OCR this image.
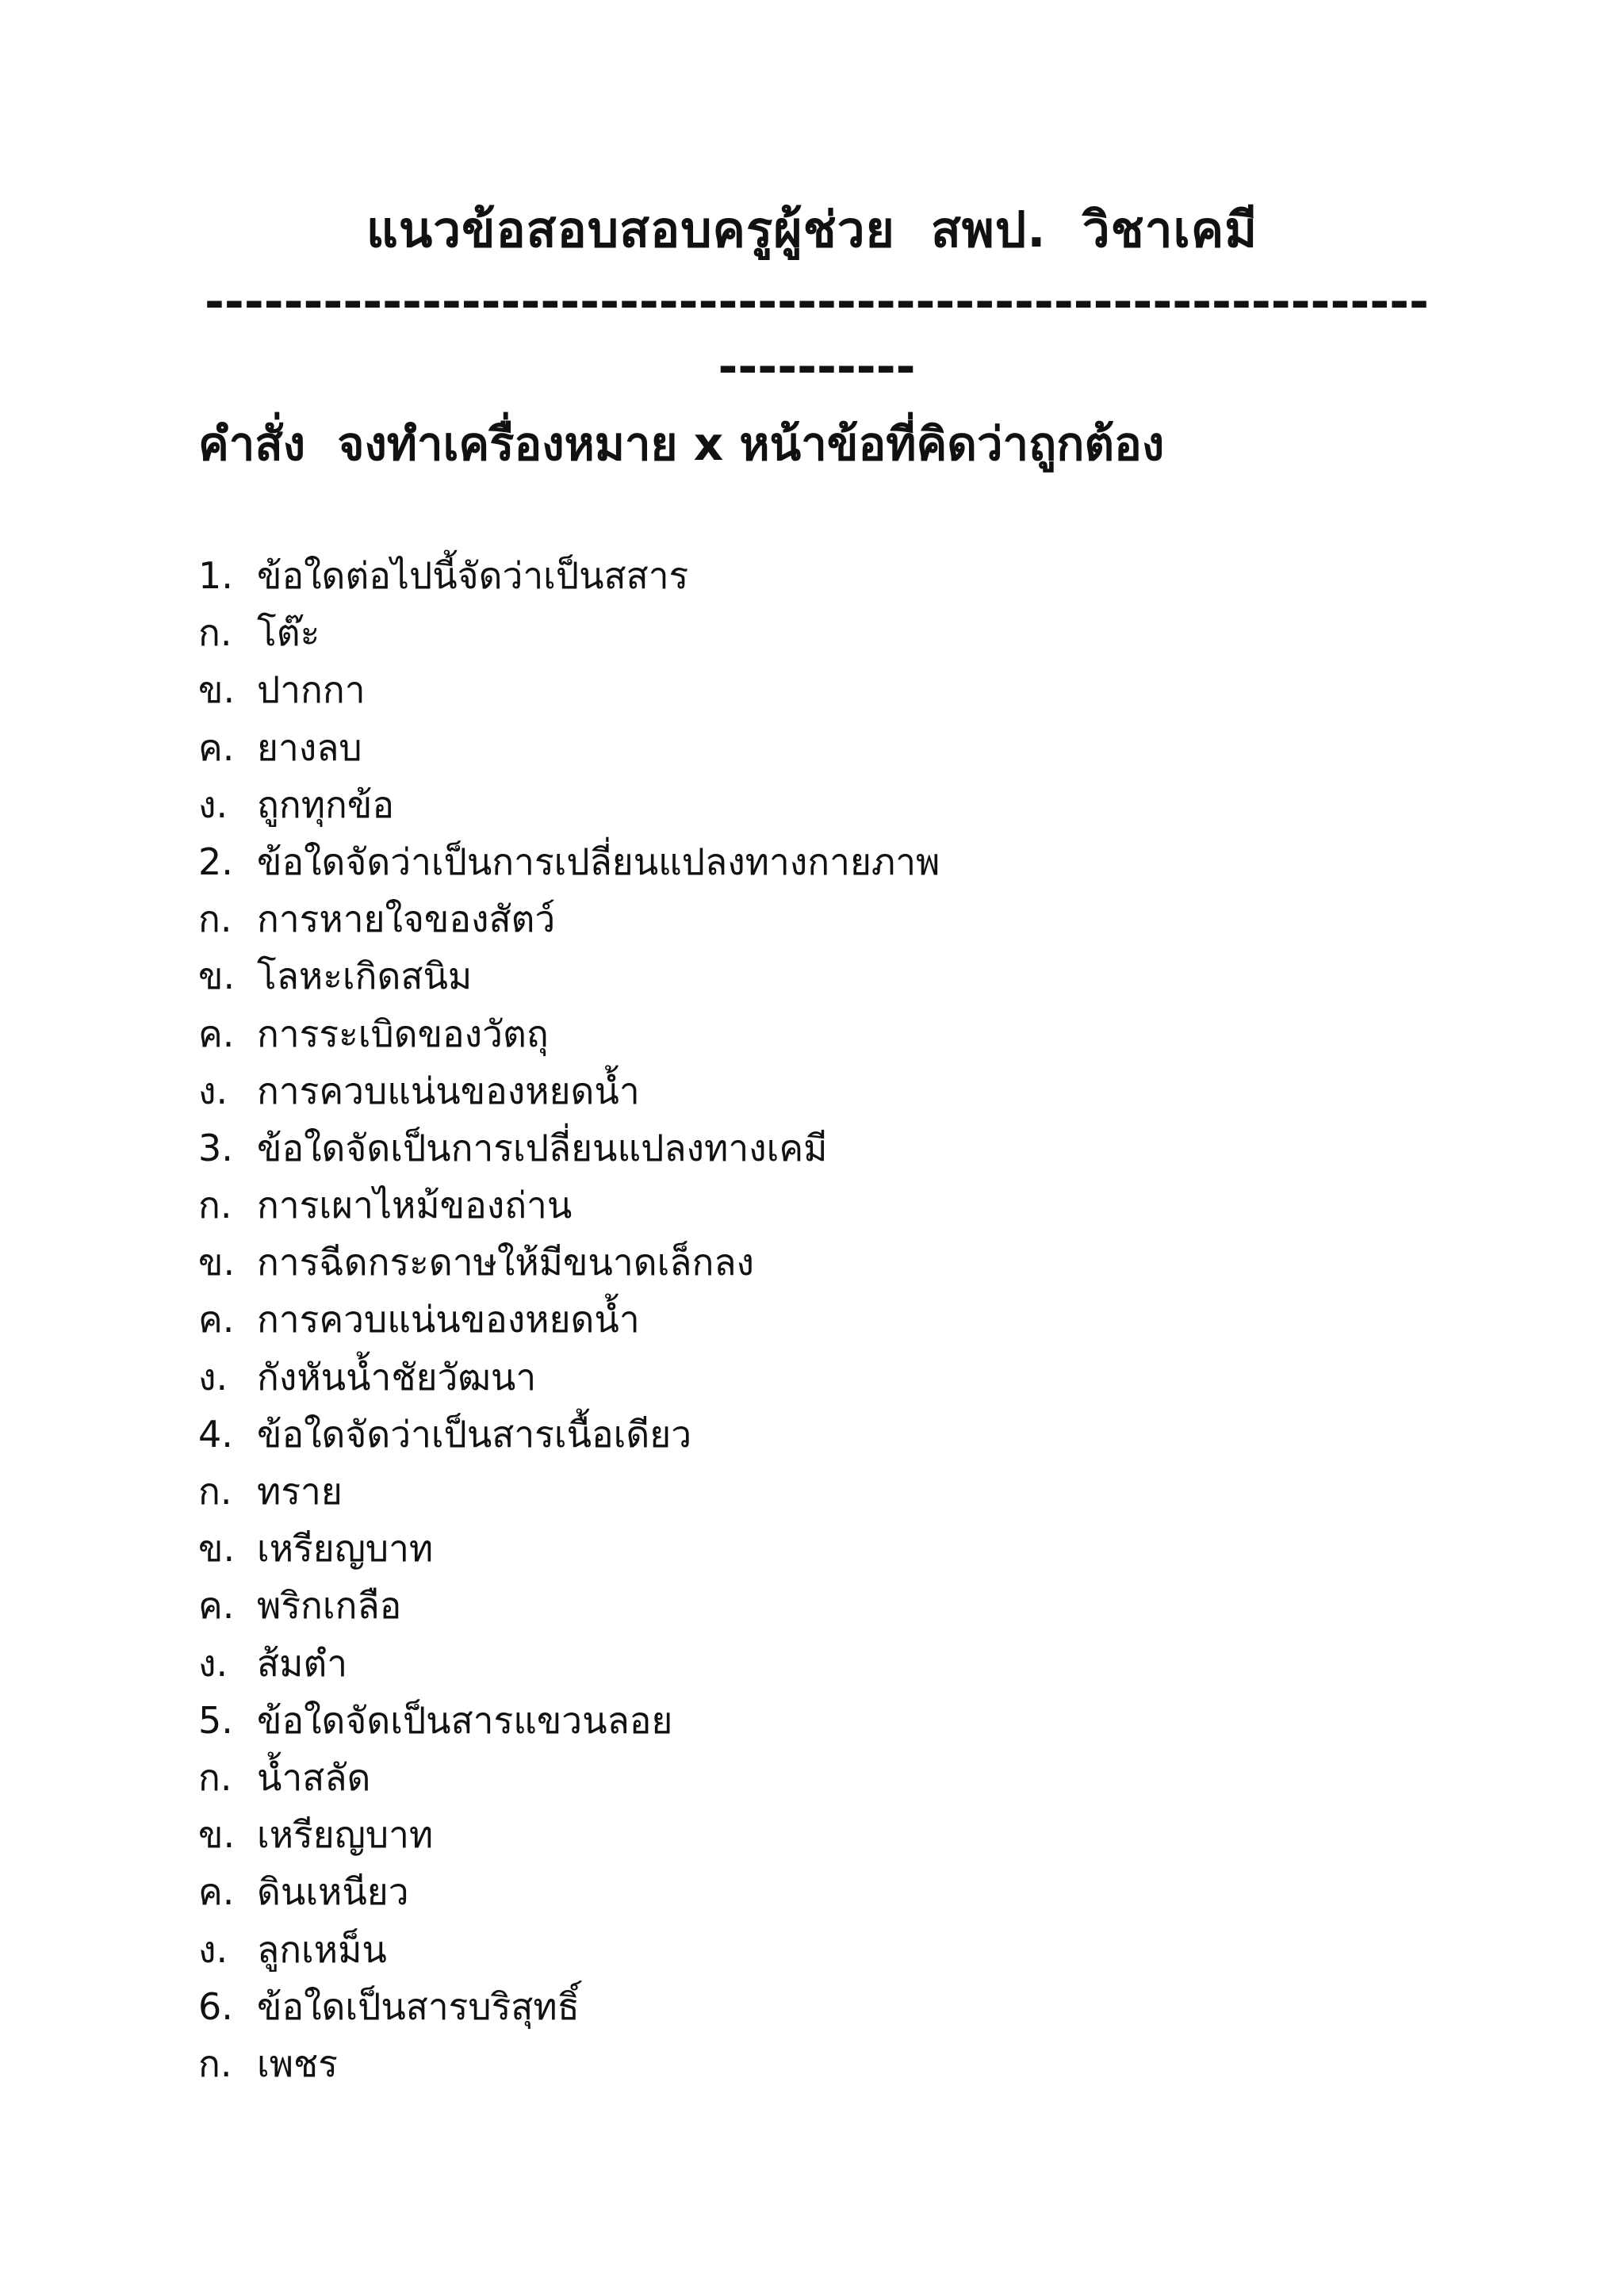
แนวข้อสอบสอบครูผู้ช่วย  สพป.  วิชาเคมี
------------------------------------------------------------------------
คำสั่ง  จงทำเครื่องหมาย x หน้าข้อที่คิดว่าถูกต้อง
1. ข้อใดต่อไปนี้จัดว่าเป็นสสาร
ก. โต๊ะ
ข. ปากกา
ค. ยางลบ
ง. ถูกทุกข้อ
2. ข้อใดจัดว่าเป็นการเปลี่ยนแปลงทางกายภาพ
ก. การหายใจของสัตว์
ข. โลหะเกิดสนิม
ค. การระเบิดของวัตถุ
ง. การควบแน่นของหยดน้ำ
3. ข้อใดจัดเป็นการเปลี่ยนแปลงทางเคมี
ก. การเผาไหม้ของถ่าน
ข. การฉีดกระดาษให้มีขนาดเล็กลง
ค. การควบแน่นของหยดน้ำ
ง. กังหันน้ำชัยวัฒนา
4. ข้อใดจัดว่าเป็นสารเนื้อเดียว
ก. ทราย
ข. เหรียญบาท
ค. พริกเกลือ
ง. ส้มตำ
5. ข้อใดจัดเป็นสารแขวนลอย
ก. น้ำสลัด
ข. เหรียญบาท
ค. ดินเหนียว
ง. ลูกเหม็น
6. ข้อใดเป็นสารบริสุทธิ์
ก. เพชร
